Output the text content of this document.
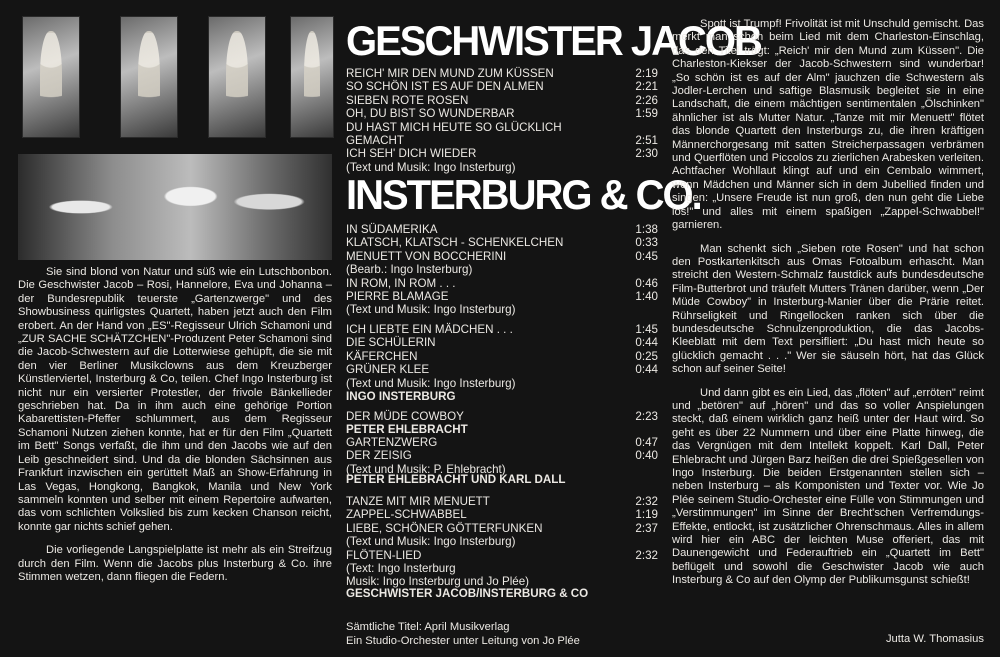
Sie sind blond von Natur und süß wie ein Lutschbonbon. Die Geschwister Jacob – Rosi, Hannelore, Eva und Johanna – der Bundesrepublik teuerste „Gartenzwerge" und des Showbusiness quirligstes Quartett, haben jetzt auch den Film erobert. An der Hand von „ES"-Regisseur Ulrich Schamoni und „ZUR SACHE SCHÄTZCHEN"-Produzent Peter Schamoni sind die Jacob-Schwestern auf die Lotterwiese gehüpft, die sie mit den vier Berliner Musikclowns aus dem Kreuzberger Künstlerviertel, Insterburg & Co, teilen. Chef Ingo Insterburg ist nicht nur ein versierter Protestler, der frivole Bänkellieder geschrieben hat. Da in ihm auch eine gehörige Portion Kabarettisten-Pfeffer schlummert, aus dem Regisseur Schamoni Nutzen ziehen konnte, hat er für den Film „Quartett im Bett" Songs verfaßt, die ihm und den Jacobs wie auf den Leib geschneidert sind. Und da die blonden Sächsinnen aus Frankfurt inzwischen ein gerüttelt Maß an Show-Erfahrung in Las Vegas, Hongkong, Bangkok, Manila und New York sammeln konnten und selber mit einem Repertoire aufwarten, das vom schlichten Volkslied bis zum kecken Chanson reicht, konnte gar nichts schief gehen.

Die vorliegende Langspielplatte ist mehr als ein Streifzug durch den Film. Wenn die Jacobs plus Insterburg & Co. ihre Stimmen wetzen, dann fliegen die Federn.

GESCHWISTER JACOB
REICH' MIR DEN MUND ZUM KÜSSEN	2:19
SO SCHÖN IST ES AUF DEN ALMEN	2:21
SIEBEN ROTE ROSEN	2:26
OH, DU BIST SO WUNDERBAR	1:59
DU HAST MICH HEUTE SO GLÜCKLICH
GEMACHT	2:51
ICH SEH' DICH WIEDER	2:30
(Text und Musik: Ingo Insterburg)
INSTERBURG & CO.
IN SÜDAMERIKA	1:38
KLATSCH, KLATSCH - SCHENKELCHEN	0:33
MENUETT VON BOCCHERINI	0:45
(Bearb.: Ingo Insterburg)
IN ROM, IN ROM . . .	0:46
PIERRE BLAMAGE	1:40
(Text und Musik: Ingo Insterburg)
ICH LIEBTE EIN MÄDCHEN . . .	1:45
DIE SCHÜLERIN	0:44
KÄFERCHEN	0:25
GRÜNER KLEE	0:44
(Text und Musik: Ingo Insterburg)
INGO INSTERBURG
DER MÜDE COWBOY	2:23
PETER EHLEBRACHT
GARTENZWERG	0:47
DER ZEISIG	0:40
(Text und Musik: P. Ehlebracht)
PETER EHLEBRACHT UND KARL DALL
TANZE MIT MIR MENUETT	2:32
ZAPPEL-SCHWABBEL	1:19
LIEBE, SCHÖNER GÖTTERFUNKEN	2:37
(Text und Musik: Ingo Insterburg)
FLÖTEN-LIED	2:32
(Text: Ingo Insterburg
Musik: Ingo Insterburg und Jo Plée)
GESCHWISTER JACOB/INSTERBURG & CO
Sämtliche Titel: April Musikverlag
Ein Studio-Orchester unter Leitung von Jo Plée

Spott ist Trumpf! Frivolität ist mit Unschuld gemischt. Das merkt man schon beim Lied mit dem Charleston-Einschlag, das den Titel trägt: „Reich' mir den Mund zum Küssen". Die Charleston-Kiekser der Jacob-Schwestern sind wunderbar! „So schön ist es auf der Alm" jauchzen die Schwestern als Jodler-Lerchen und saftige Blasmusik begleitet sie in eine Landschaft, die einem mächtigen sentimentalen „Ölschinken" ähnlicher ist als Mutter Natur. „Tanze mit mir Menuett" flötet das blonde Quartett den Insterburgs zu, die ihren kräftigen Männerchorgesang mit satten Streicherpassagen verbrämen und Querflöten und Piccolos zu zierlichen Arabesken verleiten. Achtfacher Wohllaut klingt auf und ein Cembalo wimmert, wenn Mädchen und Männer sich in dem Jubellied finden und singen: „Unsere Freude ist nun groß, den nun geht die Liebe los!" und alles mit einem spaßigen „Zappel-Schwabbel!" garnieren.

Man schenkt sich „Sieben rote Rosen" und hat schon den Postkartenkitsch aus Omas Fotoalbum erhascht. Man streicht den Western-Schmalz faustdick aufs bundesdeutsche Film-Butterbrot und träufelt Mutters Tränen darüber, wenn „Der Müde Cowboy" in Insterburg-Manier über die Prärie reitet. Rührseligkeit und Ringellocken ranken sich über die bundesdeutsche Schnulzenproduktion, die das Jacobs-Kleeblatt mit dem Text persifliert: „Du hast mich heute so glücklich gemacht . . ." Wer sie säuseln hört, hat das Glück schon auf seiner Seite!

Und dann gibt es ein Lied, das „flöten" auf „erröten" reimt und „betören" auf „hören" und das so voller Anspielungen steckt, daß einem wirklich ganz heiß unter der Haut wird. So geht es über 22 Nummern und über eine Platte hinweg, die das Vergnügen mit dem Intellekt koppelt. Karl Dall, Peter Ehlebracht und Jürgen Barz heißen die drei Spießgesellen von Ingo Insterburg. Die beiden Erstgenannten stellen sich – neben Insterburg – als Komponisten und Texter vor. Wie Jo Plée seinem Studio-Orchester eine Fülle von Stimmungen und „Verstimmungen" im Sinne der Brecht'schen Verfremdungs-Effekte, entlockt, ist zusätzlicher Ohrenschmaus. Alles in allem wird hier ein ABC der leichten Muse offeriert, das mit Daunengewicht und Federauftrieb ein „Quartett im Bett" beflügelt und sowohl die Geschwister Jacob wie auch Insterburg & Co auf den Olymp der Publikumsgunst schießt!

Jutta W. Thomasius
